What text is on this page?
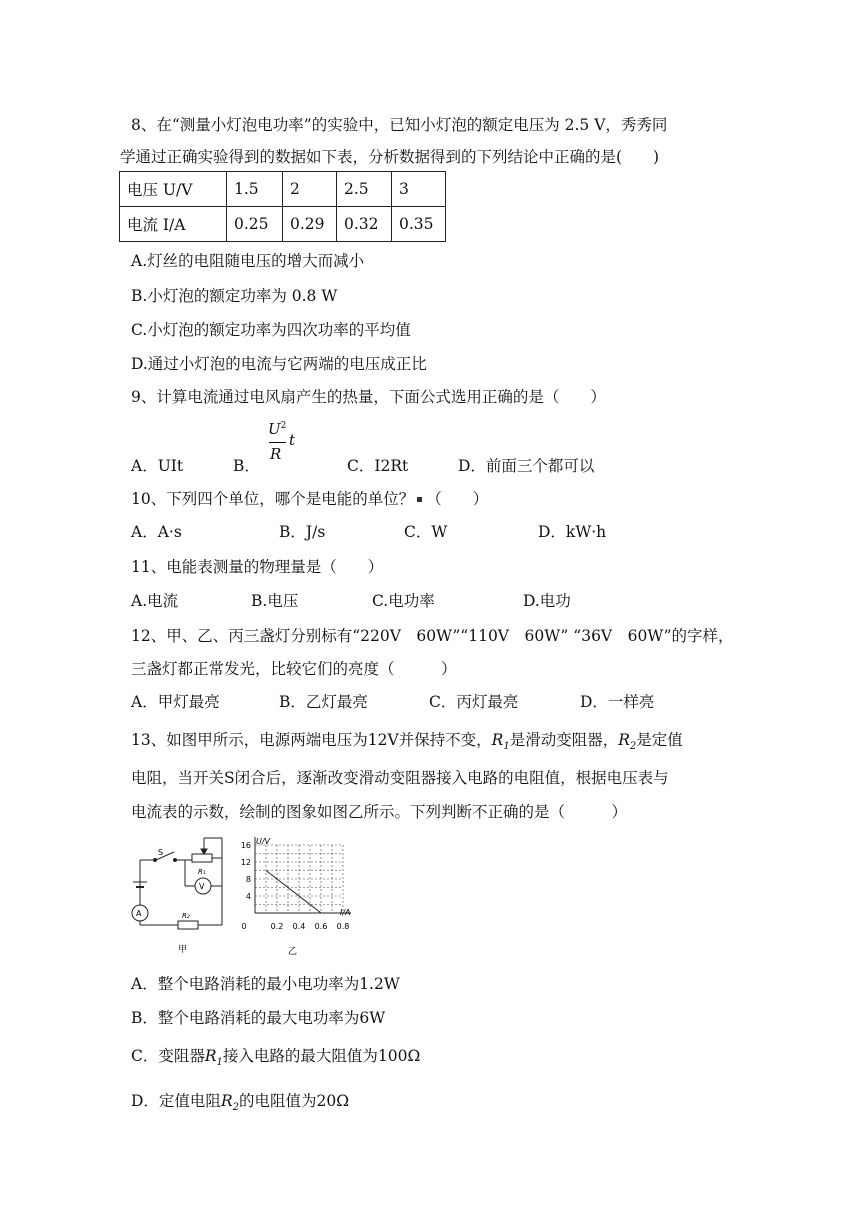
8、在“测量小灯泡电功率”的实验中，已知小灯泡的额定电压为 2.5 V，秀秀同
学通过正确实验得到的数据如下表，分析数据得到的下列结论中正确的是(　　)
电压 U/V	1.5	2	2.5	3
电流 I/A	0.25	0.29	0.32	0.35
A.灯丝的电阻随电压的增大而减小
B.小灯泡的额定功率为 0.8 W
C.小灯泡的额定功率为四次功率的平均值
D.通过小灯泡的电流与它两端的电压成正比
9、计算电流通过电风扇产生的热量，下面公式选用正确的是（　　）
A．UIt	B．
$U^2$
R
t
C．I2Rt	D．前面三个都可以
10、下列四个单位，哪个是电能的单位？ （　　）
A．A·s	B．J/s	C．W	D．kW·h
11、电能表测量的物理量是（　　）
A.电流	B.电压	C.电功率	D.电功
12、甲、乙、丙三盏灯分别标有“220V　60W”“110V　60W” “36V　60W”的字样，
三盏灯都正常发光，比较它们的亮度（　　　）
A．甲灯最亮	B．乙灯最亮	C．丙灯最亮	D．一样亮
13、如图甲所示，电源两端电压为12V并保持不变，$R_1$是滑动变阻器，$R_2$是定值
电阻，当开关S闭合后，逐渐改变滑动变阻器接入电路的电阻值，根据电压表与
电流表的示数，绘制的图象如图乙所示。下列判断不正确的是（　　　）
S
R₁
R₂
V
A
甲
16
12
8
4
0	0.2 0.4 0.6 0.8
U/V
I/A
乙
A．整个电路消耗的最小电功率为1.2W
B．整个电路消耗的最大电功率为6W
C．变阻器$R_1$接入电路的最大阻值为100Ω
D．定值电阻$R_2$的电阻值为20Ω
